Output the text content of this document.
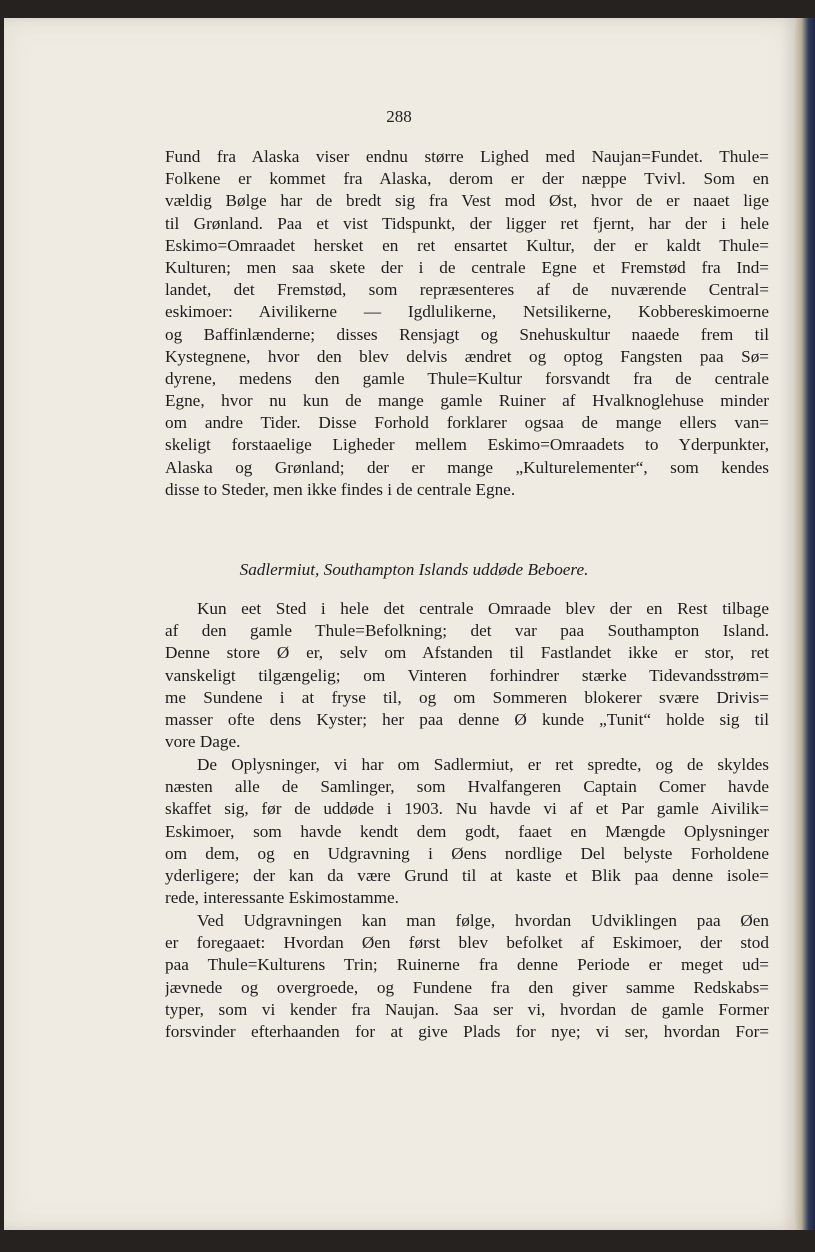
288
Fund fra Alaska viser endnu større Lighed med Naujan=Fundet. Thule=
Folkene er kommet fra Alaska, derom er der næppe Tvivl. Som en
vældig Bølge har de bredt sig fra Vest mod Øst, hvor de er naaet lige
til Grønland. Paa et vist Tidspunkt, der ligger ret fjernt, har der i hele
Eskimo=Omraadet hersket en ret ensartet Kultur, der er kaldt Thule=
Kulturen; men saa skete der i de centrale Egne et Fremstød fra Ind=
landet, det Fremstød, som repræsenteres af de nuværende Central=
eskimoer: Aivilikerne — Igdlulikerne, Netsilikerne, Kobbereskimoerne
og Baffinlænderne; disses Rensjagt og Snehuskultur naaede frem til
Kystegnene, hvor den blev delvis ændret og optog Fangsten paa Sø=
dyrene, medens den gamle Thule=Kultur forsvandt fra de centrale
Egne, hvor nu kun de mange gamle Ruiner af Hvalknoglehuse minder
om andre Tider. Disse Forhold forklarer ogsaa de mange ellers van=
skeligt forstaaelige Ligheder mellem Eskimo=Omraadets to Yderpunkter,
Alaska og Grønland; der er mange „Kulturelementer“, som kendes
disse to Steder, men ikke findes i de centrale Egne.
Sadlermiut, Southampton Islands uddøde Beboere.
Kun eet Sted i hele det centrale Omraade blev der en Rest tilbage
af den gamle Thule=Befolkning; det var paa Southampton Island.
Denne store Ø er, selv om Afstanden til Fastlandet ikke er stor, ret
vanskeligt tilgængelig; om Vinteren forhindrer stærke Tidevandsstrøm=
me Sundene i at fryse til, og om Sommeren blokerer svære Drivis=
masser ofte dens Kyster; her paa denne Ø kunde „Tunit“ holde sig til
vore Dage.
De Oplysninger, vi har om Sadlermiut, er ret spredte, og de skyldes
næsten alle de Samlinger, som Hvalfangeren Captain Comer havde
skaffet sig, før de uddøde i 1903. Nu havde vi af et Par gamle Aivilik=
Eskimoer, som havde kendt dem godt, faaet en Mængde Oplysninger
om dem, og en Udgravning i Øens nordlige Del belyste Forholdene
yderligere; der kan da være Grund til at kaste et Blik paa denne isole=
rede, interessante Eskimostamme.
Ved Udgravningen kan man følge, hvordan Udviklingen paa Øen
er foregaaet: Hvordan Øen først blev befolket af Eskimoer, der stod
paa Thule=Kulturens Trin; Ruinerne fra denne Periode er meget ud=
jævnede og overgroede, og Fundene fra den giver samme Redskabs=
typer, som vi kender fra Naujan. Saa ser vi, hvordan de gamle Former
forsvinder efterhaanden for at give Plads for nye; vi ser, hvordan For=
